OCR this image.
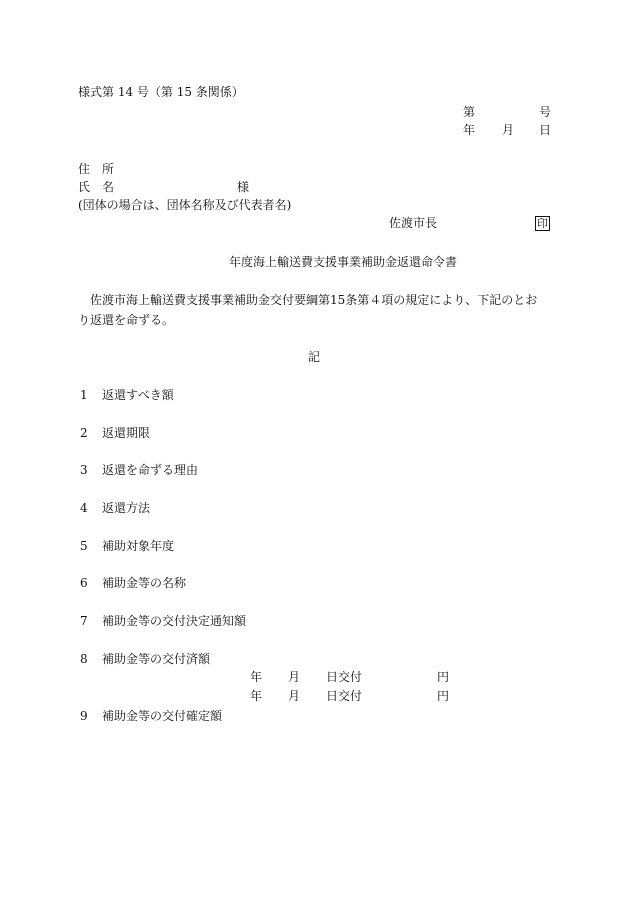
様式第 14 号（第 15 条関係）
第	号
年 月 日
住　所
氏　名	様
(団体の場合は、団体名称及び代表者名)
佐渡市長	印
年度海上輸送費支援事業補助金返還命令書
佐渡市海上輸送費支援事業補助金交付要綱第15条第４項の規定により、下記のとお
り返還を命ずる。
記
1 返還すべき額
2 返還期限
3 返還を命ずる理由
4 返還方法
5 補助対象年度
6 補助金等の名称
7 補助金等の交付決定通知額
8 補助金等の交付済額
年 月 日交付	円
年 月 日交付	円
9 補助金等の交付確定額
